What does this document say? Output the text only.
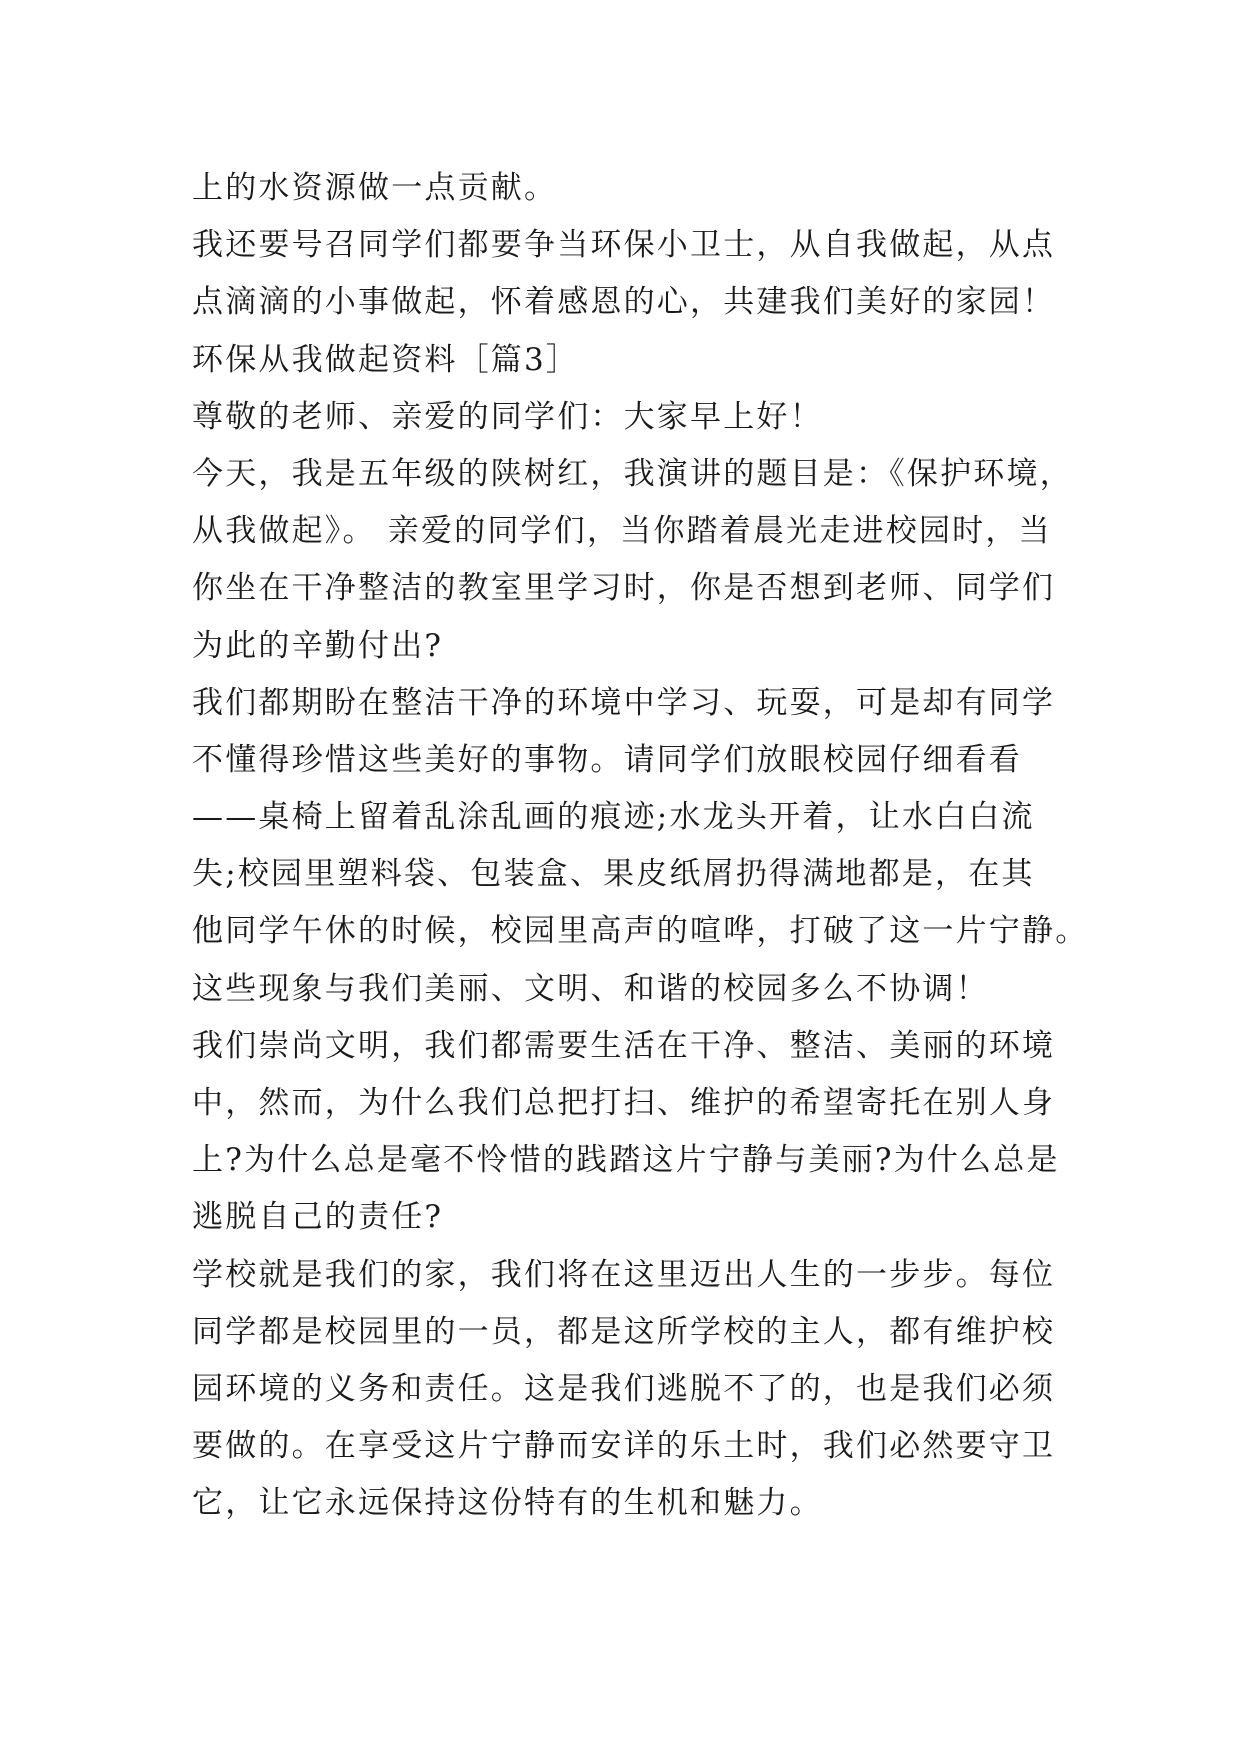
上的水资源做一点贡献。
我还要号召同学们都要争当环保小卫士，从自我做起，从点
点滴滴的小事做起，怀着感恩的心，共建我们美好的家园！
环保从我做起资料［篇3］
尊敬的老师、亲爱的同学们：大家早上好！
今天，我是五年级的陕树红，我演讲的题目是：《保护环境，
从我做起》。 亲爱的同学们，当你踏着晨光走进校园时，当
你坐在干净整洁的教室里学习时，你是否想到老师、同学们
为此的辛勤付出?
我们都期盼在整洁干净的环境中学习、玩耍，可是却有同学
不懂得珍惜这些美好的事物。请同学们放眼校园仔细看看
——桌椅上留着乱涂乱画的痕迹;水龙头开着，让水白白流
失;校园里塑料袋、包装盒、果皮纸屑扔得满地都是，在其
他同学午休的时候，校园里高声的喧哗，打破了这一片宁静。
这些现象与我们美丽、文明、和谐的校园多么不协调！
我们崇尚文明，我们都需要生活在干净、整洁、美丽的环境
中，然而，为什么我们总把打扫、维护的希望寄托在别人身
上?为什么总是毫不怜惜的践踏这片宁静与美丽?为什么总是
逃脱自己的责任?
学校就是我们的家，我们将在这里迈出人生的一步步。每位
同学都是校园里的一员，都是这所学校的主人，都有维护校
园环境的义务和责任。这是我们逃脱不了的，也是我们必须
要做的。在享受这片宁静而安详的乐土时，我们必然要守卫
它，让它永远保持这份特有的生机和魅力。
